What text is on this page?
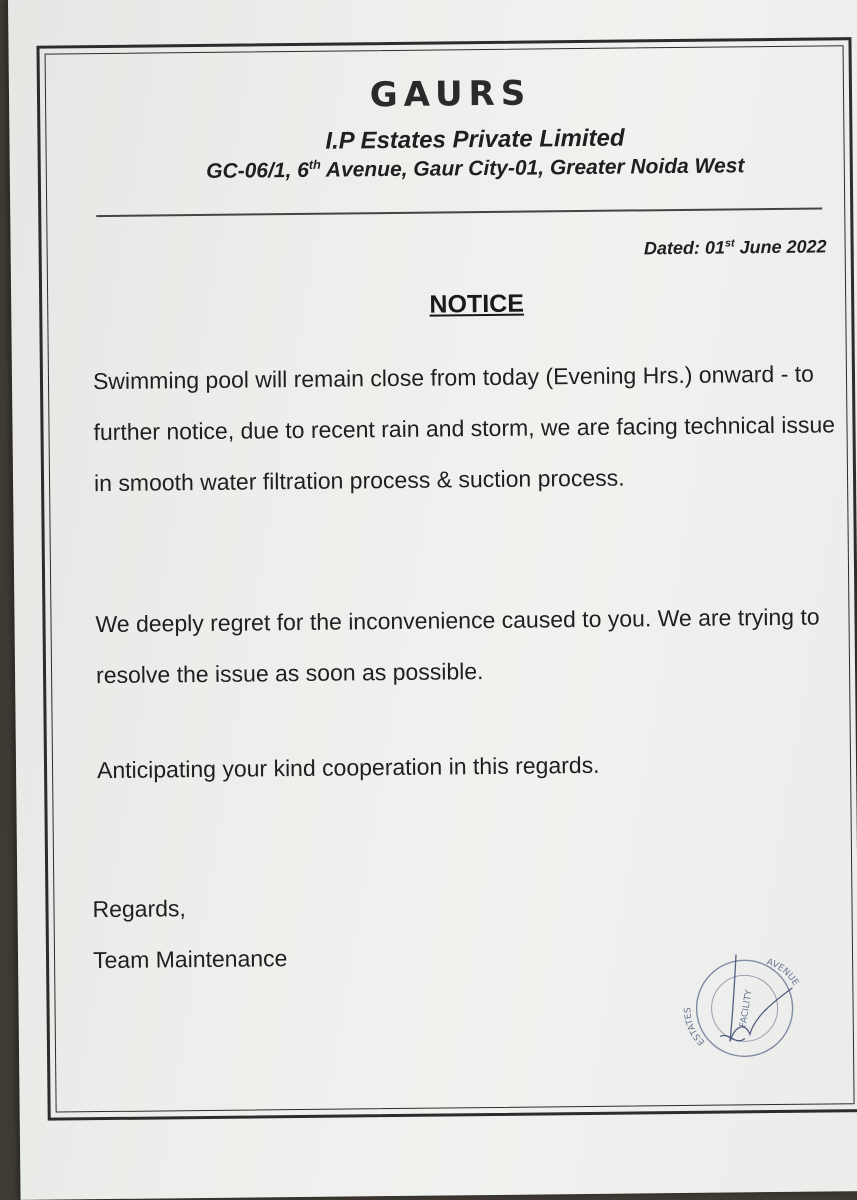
GAURS
I.P Estates Private Limited
GC-06/1, 6th Avenue, Gaur City-01, Greater Noida West
Dated: 01st June 2022
NOTICE
Swimming pool will remain close from today (Evening Hrs.) onward - to further notice, due to recent rain and storm, we are facing technical issue in smooth water filtration process & suction process.
We deeply regret for the inconvenience caused to you. We are trying to resolve the issue as soon as possible.
Anticipating your kind cooperation in this regards.
Regards,
Team Maintenance
ESTATES
AVENUE
FACILITY
